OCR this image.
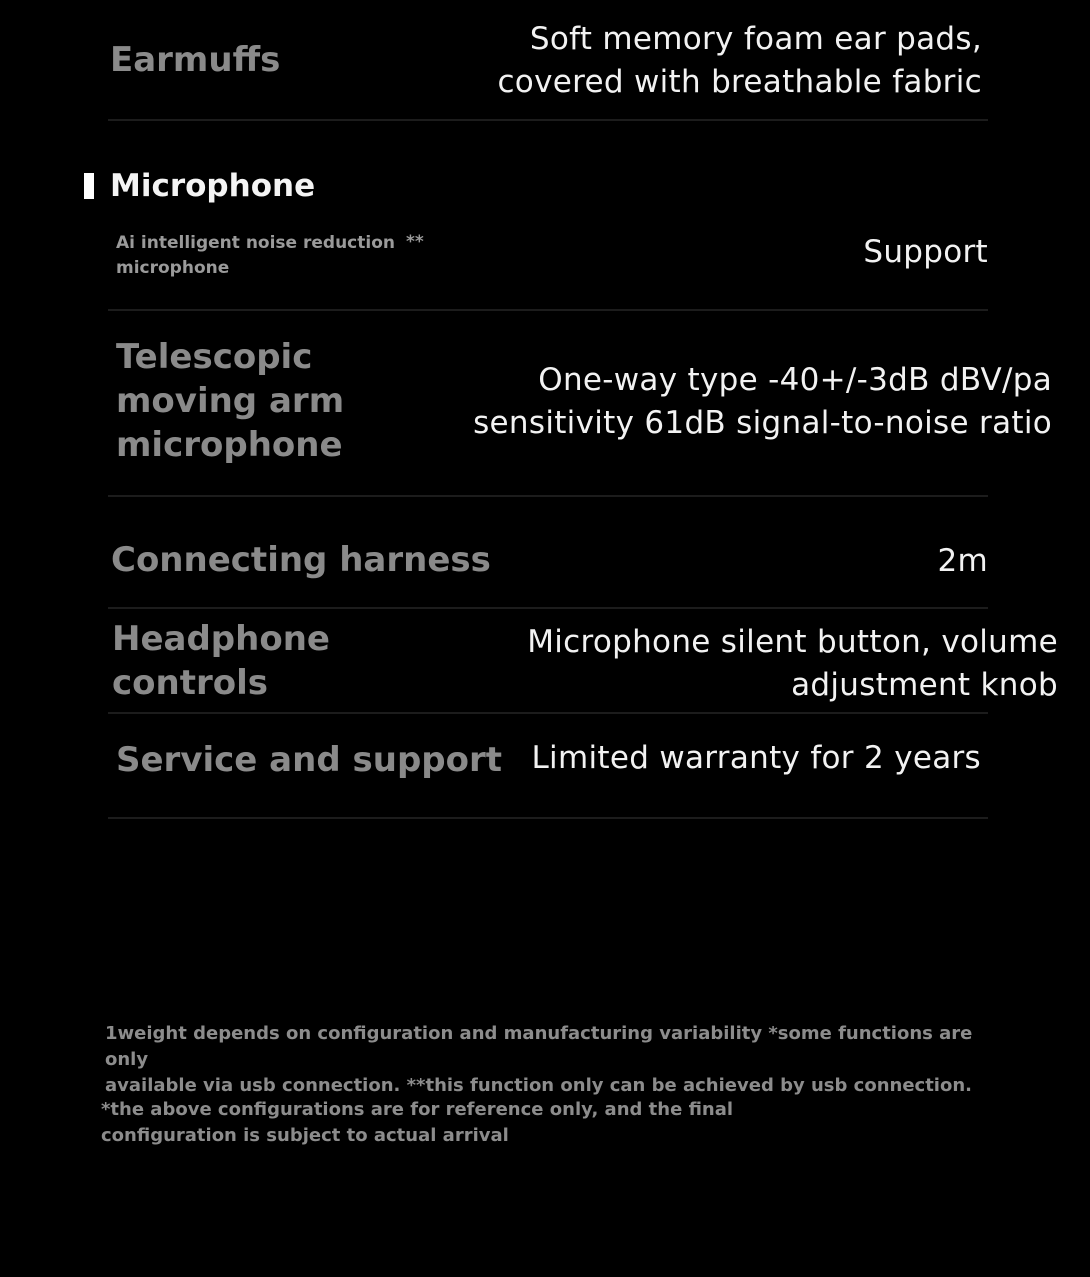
Earmuffs
Soft memory foam ear pads,
covered with breathable fabric
Microphone
Ai intelligent noise reduction
microphone
**	Support
Telescopic
moving arm
microphone
One-way type -40+/-3dB dBV/pa
sensitivity 61dB signal-to-noise ratio
Connecting harness	2m
Headphone
controls
Microphone silent button, volume
adjustment knob
Service and support Limited warranty for 2 years
1weight depends on configuration and manufacturing variability *some functions are only
available via usb connection. **this function only can be achieved by usb connection.
*the above configurations are for reference only, and the final
configuration is subject to actual arrival
